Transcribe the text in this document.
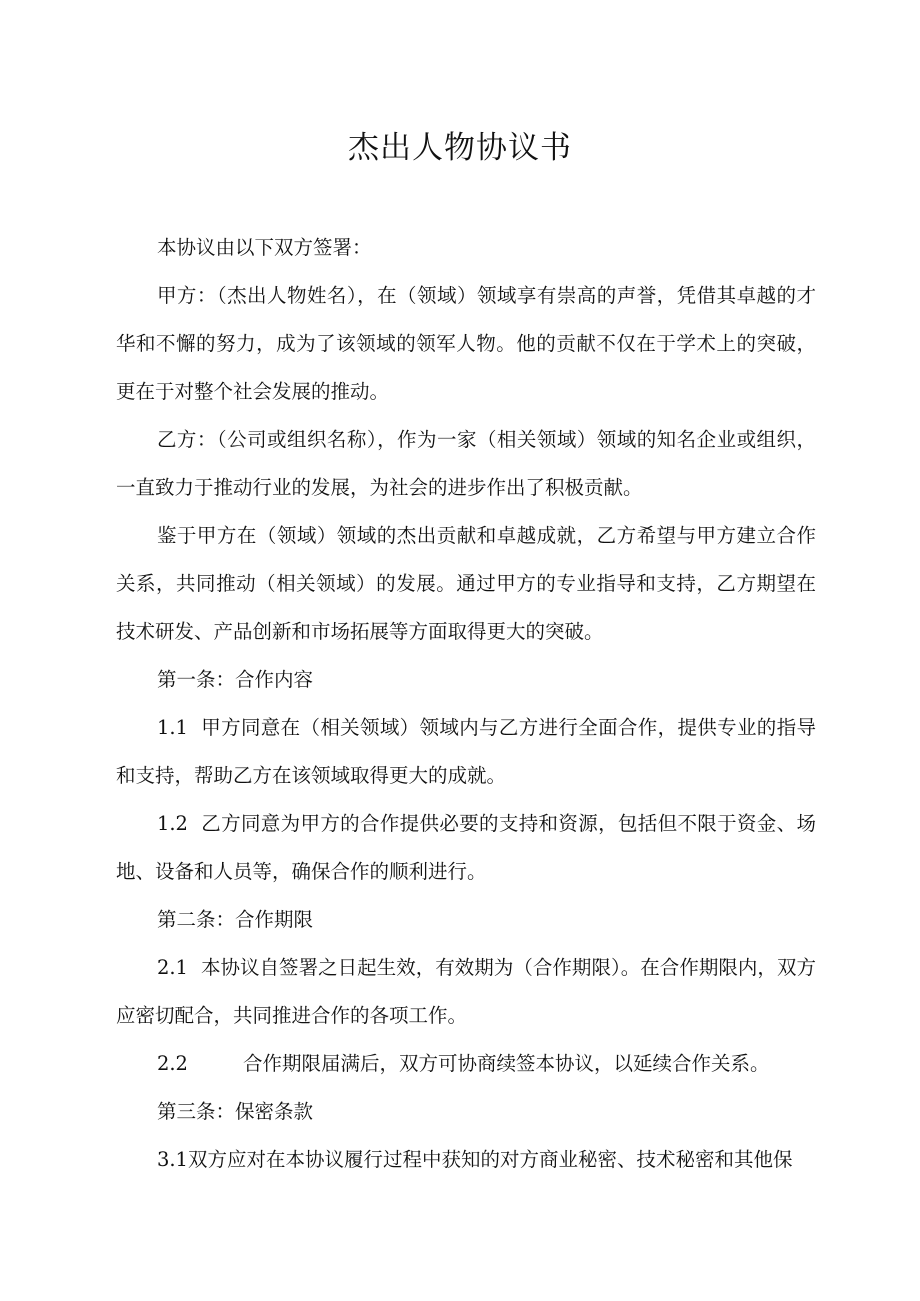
杰出人物协议书

本协议由以下双方签署：

甲方：（杰出人物姓名），在（领域）领域享有崇高的声誉，凭借其卓越的才华和不懈的努力，成为了该领域的领军人物。他的贡献不仅在于学术上的突破，更在于对整个社会发展的推动。

乙方：（公司或组织名称），作为一家（相关领域）领域的知名企业或组织，一直致力于推动行业的发展，为社会的进步作出了积极贡献。

鉴于甲方在（领域）领域的杰出贡献和卓越成就，乙方希望与甲方建立合作关系，共同推动（相关领域）的发展。通过甲方的专业指导和支持，乙方期望在技术研发、产品创新和市场拓展等方面取得更大的突破。

第一条：合作内容

1.1 甲方同意在（相关领域）领域内与乙方进行全面合作，提供专业的指导和支持，帮助乙方在该领域取得更大的成就。

1.2 乙方同意为甲方的合作提供必要的支持和资源，包括但不限于资金、场地、设备和人员等，确保合作的顺利进行。

第二条：合作期限

2.1 本协议自签署之日起生效，有效期为（合作期限）。在合作期限内，双方应密切配合，共同推进合作的各项工作。

2.2	合作期限届满后，双方可协商续签本协议，以延续合作关系。

第三条：保密条款

3.1双方应对在本协议履行过程中获知的对方商业秘密、技术秘密和其他保
